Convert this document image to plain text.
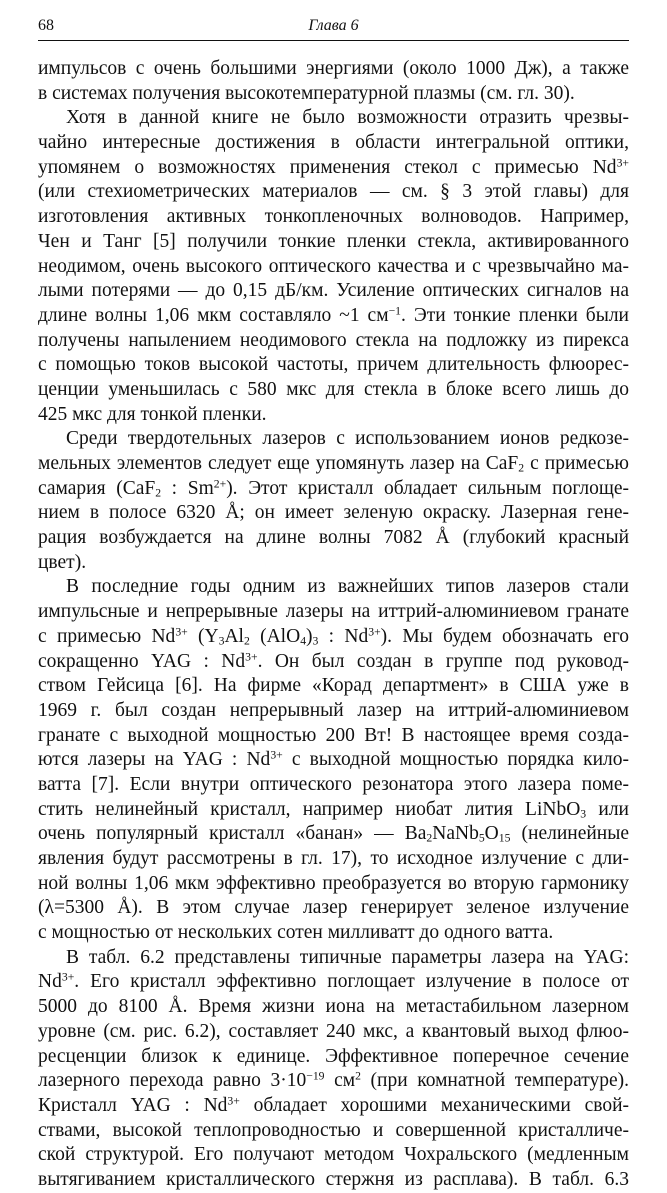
68	Глава 6
импульсов с очень большими энергиями (около 1000 Дж), а также
в системах получения высокотемпературной плазмы (см. гл. 30).
Хотя в данной книге не было возможности отразить чрезвы-
чайно интересные достижения в области интегральной оптики,
упомянем о возможностях применения стекол с примесью $Nd^{3+}$
(или стехиометрических материалов — см. § 3 этой главы) для
изготовления активных тонкопленочных волноводов. Например,
Чен и Танг [5] получили тонкие пленки стекла, активированного
неодимом, очень высокого оптического качества и с чрезвычайно ма-
лыми потерями — до 0,15 дБ/км. Усиление оптических сигналов на
длине волны 1,06 мкм составляло ~1 $см^{-1}$. Эти тонкие пленки были
получены напылением неодимового стекла на подложку из пирекса
с помощью токов высокой частоты, причем длительность флюорес-
ценции уменьшилась с 580 мкс для стекла в блоке всего лишь до
425 мкс для тонкой пленки.
Среди твердотельных лазеров с использованием ионов редкозе-
мельных элементов следует еще упомянуть лазер на CaF$_2$ с примесью
самария (CaF$_2$ : $Sm^{2+}$). Этот кристалл обладает сильным поглоще-
нием в полосе 6320 Å; он имеет зеленую окраску. Лазерная гене-
рация возбуждается на длине волны 7082 Å (глубокий красный
цвет).
В последние годы одним из важнейших типов лазеров стали
импульсные и непрерывные лазеры на иттрий-алюминиевом гранате
с примесью $Nd^{3+}$ ($Y_3Al_2$ $(AlO_4)_3$ : $Nd^{3+}$). Мы будем обозначать его
сокращенно YAG : $Nd^{3+}$. Он был создан в группе под руковод-
ством Гейсица [6]. На фирме «Корад департмент» в США уже в
1969 г. был создан непрерывный лазер на иттрий-алюминиевом
гранате с выходной мощностью 200 Вт! В настоящее время созда-
ются лазеры на YAG : $Nd^{3+}$ с выходной мощностью порядка кило-
ватта [7]. Если внутри оптического резонатора этого лазера поме-
стить нелинейный кристалл, например ниобат лития LiNbO$_3$ или
очень популярный кристалл «банан» — $Ba_2NaNb_5O_{15}$ (нелинейные
явления будут рассмотрены в гл. 17), то исходное излучение с дли-
ной волны 1,06 мкм эффективно преобразуется во вторую гармонику
(λ=5300 Å). В этом случае лазер генерирует зеленое излучение
с мощностью от нескольких сотен милливатт до одного ватта.
В табл. 6.2 представлены типичные параметры лазера на YAG:
$Nd^{3+}$. Его кристалл эффективно поглощает излучение в полосе от
5000 до 8100 Å. Время жизни иона на метастабильном лазерном
уровне (см. рис. 6.2), составляет 240 мкс, а квантовый выход флюо-
ресценции близок к единице. Эффективное поперечное сечение
лазерного перехода равно $3\cdot 10^{-19}$ $см^2$ (при комнатной температуре).
Кристалл YAG : $Nd^{3+}$ обладает хорошими механическими свой-
ствами, высокой теплопроводностью и совершенной кристалличе-
ской структурой. Его получают методом Чохральского (медленным
вытягиванием кристаллического стержня из расплава). В табл. 6.3
